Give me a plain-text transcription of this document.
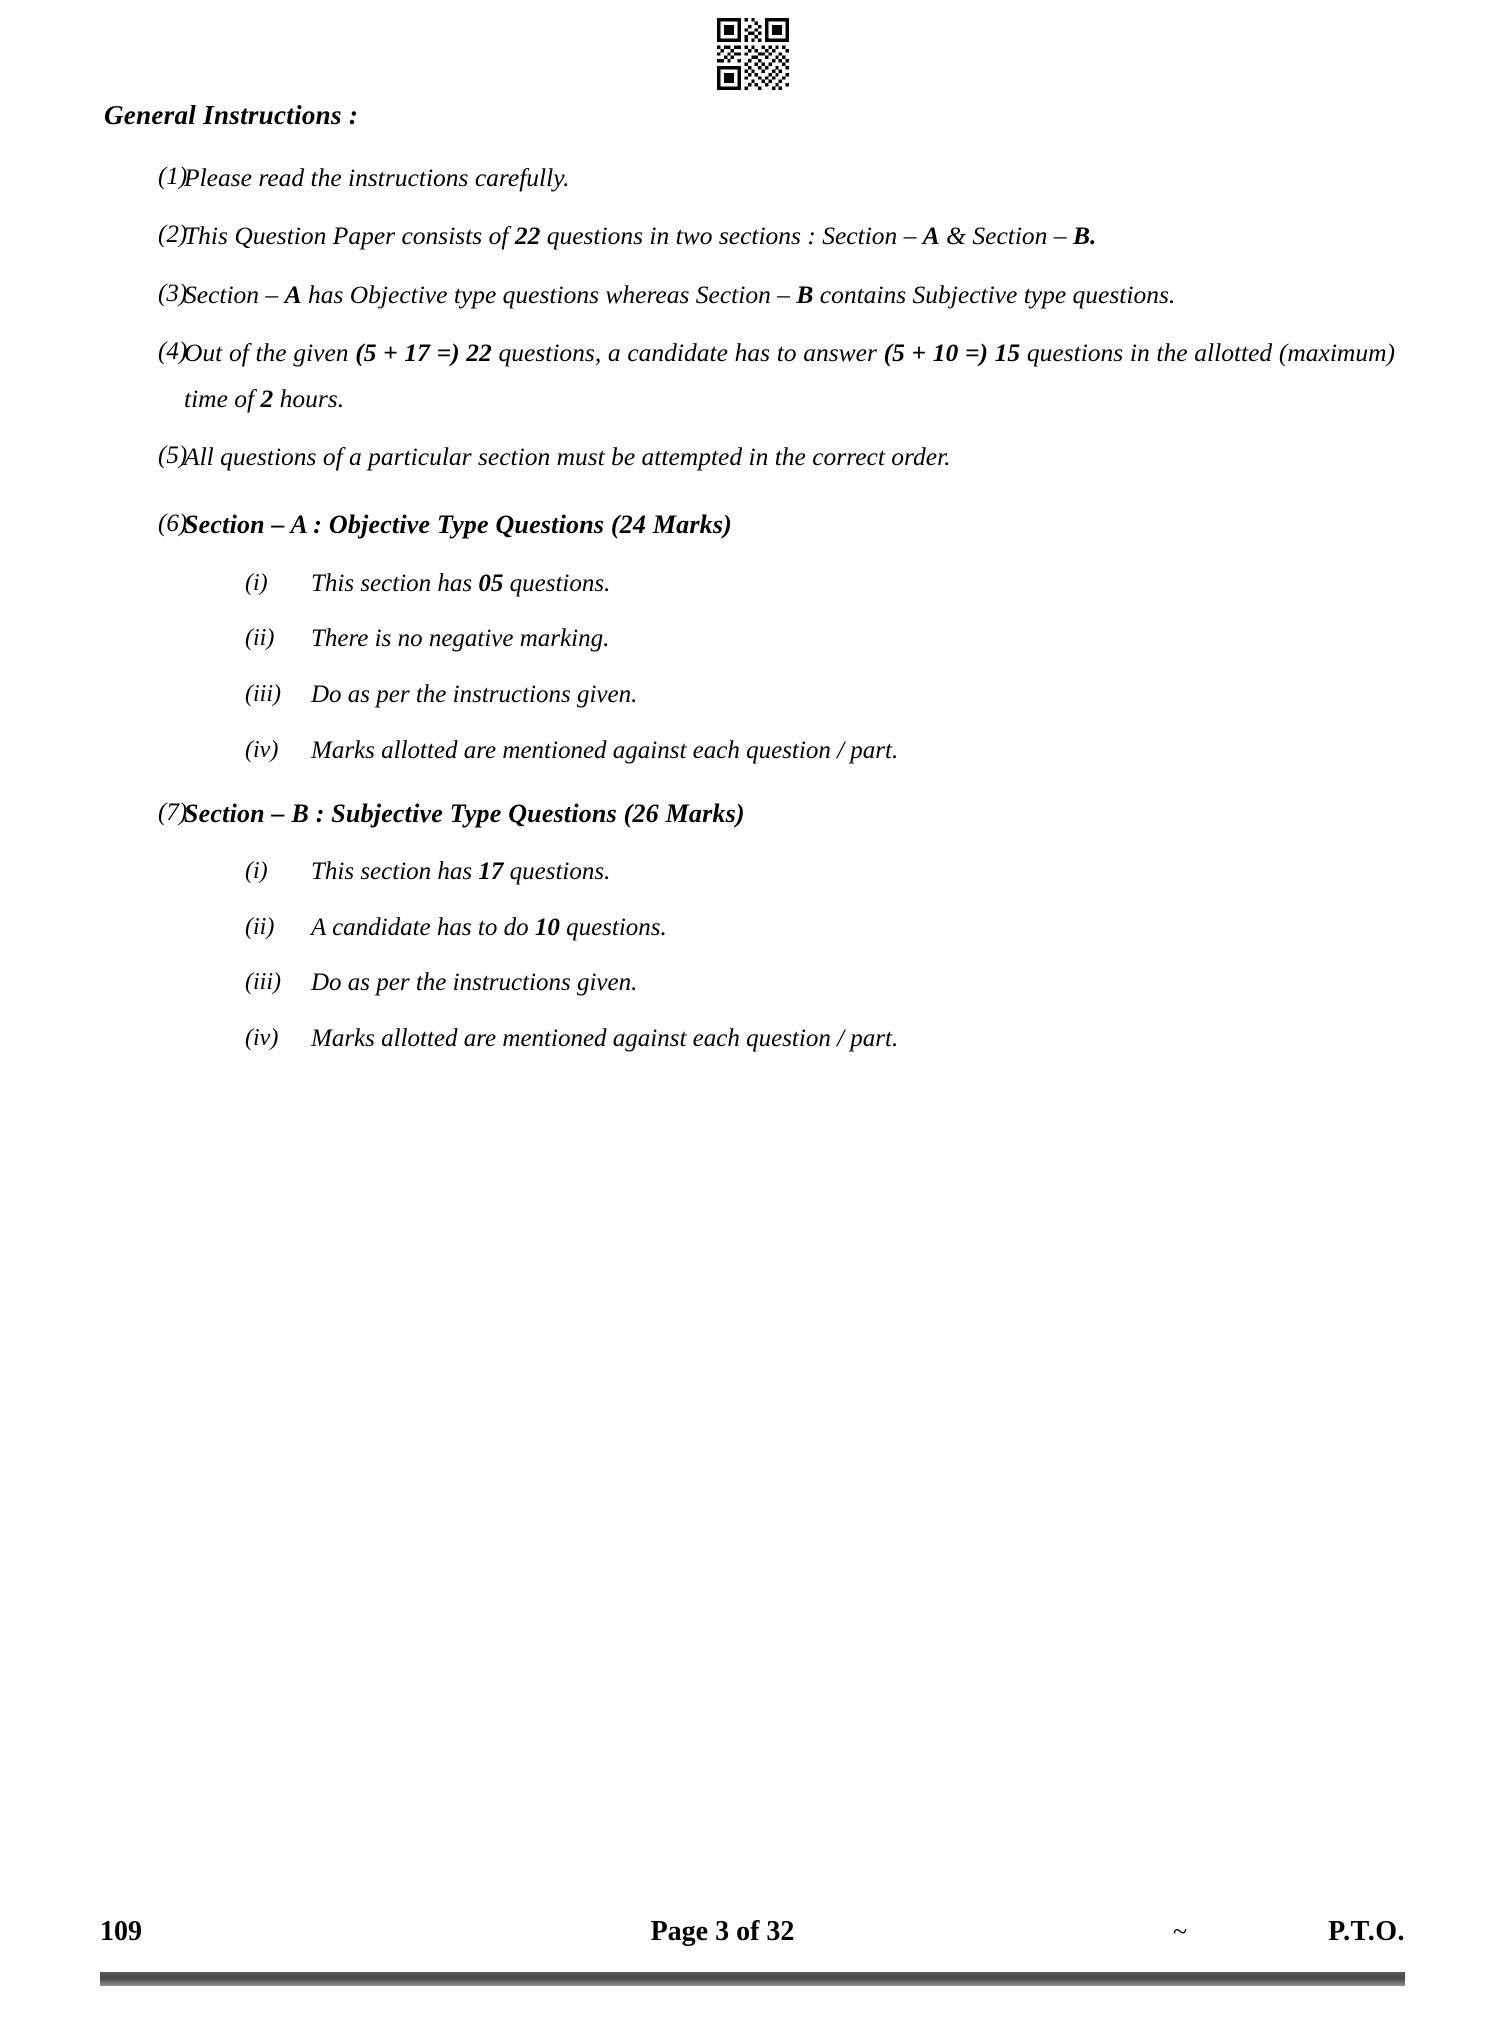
General Instructions :
(1)
Please read the instructions carefully.
(2)
This Question Paper consists of 22 questions in two sections : Section – A & Section – B.
(3)
Section – A has Objective type questions whereas Section – B contains Subjective type questions.
(4)
Out of the given (5 + 17 =) 22 questions, a candidate has to answer (5 + 10 =) 15 questions in the allotted (maximum) time of 2 hours.
(5)
All questions of a particular section must be attempted in the correct order.
(6)
Section – A : Objective Type Questions (24 Marks)
(i)	This section has 05 questions.
(ii)	There is no negative marking.
(iii)	Do as per the instructions given.
(iv)	Marks allotted are mentioned against each question / part.
(7)
Section – B : Subjective Type Questions (26 Marks)
(i)	This section has 17 questions.
(ii)	A candidate has to do 10 questions.
(iii)	Do as per the instructions given.
(iv)	Marks allotted are mentioned against each question / part.
109	Page 3 of 32	~	P.T.O.
